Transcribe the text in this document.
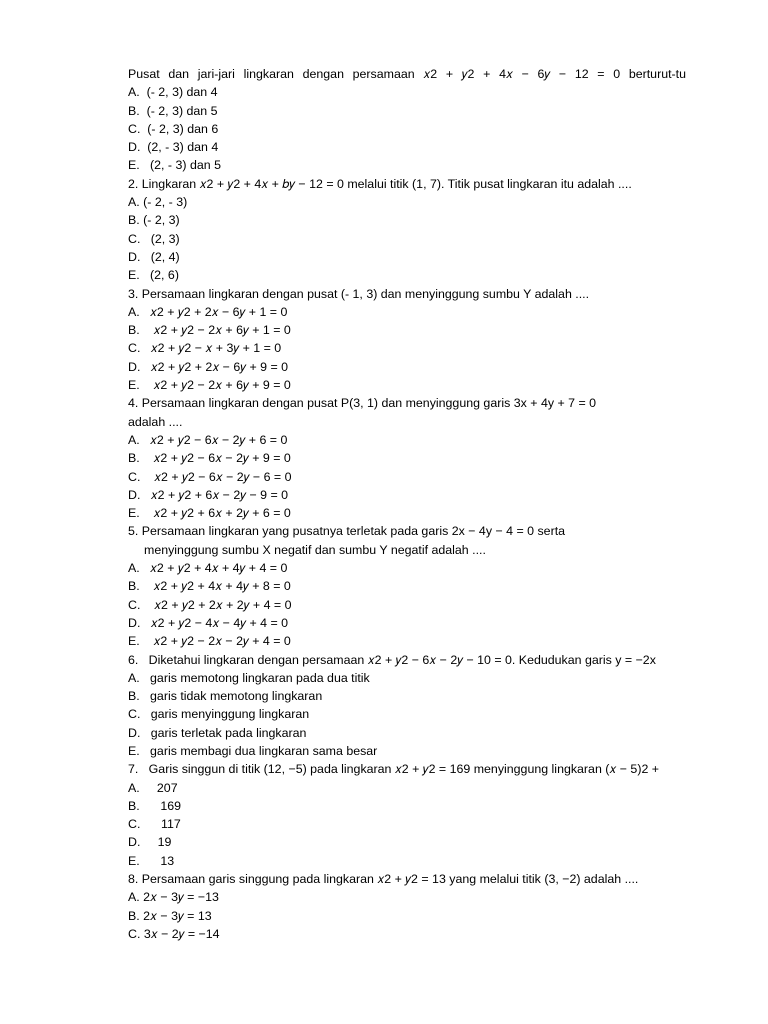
Pusat dan jari-jari lingkaran dengan persamaan 𝑥2 + 𝑦2 + 4𝑥 − 6𝑦 − 12 = 0 berturut-tu
A.  (- 2, 3) dan 4
B.  (- 2, 3) dan 5
C.  (- 2, 3) dan 6
D.  (2, - 3) dan 4
E.   (2, - 3) dan 5
2. Lingkaran 𝑥2 + 𝑦2 + 4𝑥 + 𝑏𝑦 − 12 = 0 melalui titik (1, 7). Titik pusat lingkaran itu adalah ....
A. (- 2, - 3)
B. (- 2, 3)
C.   (2, 3)
D.   (2, 4)
E.   (2, 6)
3. Persamaan lingkaran dengan pusat (- 1, 3) dan menyinggung sumbu Y adalah ....
A.   𝑥2 + 𝑦2 + 2𝑥 − 6𝑦 + 1 = 0
B.    𝑥2 + 𝑦2 − 2𝑥 + 6𝑦 + 1 = 0
C.   𝑥2 + 𝑦2 − 𝑥 + 3𝑦 + 1 = 0
D.   𝑥2 + 𝑦2 + 2𝑥 − 6𝑦 + 9 = 0
E.    𝑥2 + 𝑦2 − 2𝑥 + 6𝑦 + 9 = 0
4. Persamaan lingkaran dengan pusat P(3, 1) dan menyinggung garis 3x + 4y + 7 = 0
adalah ....
A.   𝑥2 + 𝑦2 − 6𝑥 − 2𝑦 + 6 = 0
B.    𝑥2 + 𝑦2 − 6𝑥 − 2𝑦 + 9 = 0
C.    𝑥2 + 𝑦2 − 6𝑥 − 2𝑦 − 6 = 0
D.   𝑥2 + 𝑦2 + 6𝑥 − 2𝑦 − 9 = 0
E.    𝑥2 + 𝑦2 + 6𝑥 + 2𝑦 + 6 = 0
5. Persamaan lingkaran yang pusatnya terletak pada garis 2x − 4y − 4 = 0 serta
menyinggung sumbu X negatif dan sumbu Y negatif adalah ....
A.   𝑥2 + 𝑦2 + 4𝑥 + 4𝑦 + 4 = 0
B.    𝑥2 + 𝑦2 + 4𝑥 + 4𝑦 + 8 = 0
C.    𝑥2 + 𝑦2 + 2𝑥 + 2𝑦 + 4 = 0
D.   𝑥2 + 𝑦2 − 4𝑥 − 4𝑦 + 4 = 0
E.    𝑥2 + 𝑦2 − 2𝑥 − 2𝑦 + 4 = 0
6.   Diketahui lingkaran dengan persamaan 𝑥2 + 𝑦2 − 6𝑥 − 2𝑦 − 10 = 0. Kedudukan garis y = −2x
A.   garis memotong lingkaran pada dua titik
B.   garis tidak memotong lingkaran
C.   garis menyinggung lingkaran
D.   garis terletak pada lingkaran
E.   garis membagi dua lingkaran sama besar
7.   Garis singgun di titik (12, −5) pada lingkaran 𝑥2 + 𝑦2 = 169 menyinggung lingkaran (𝑥 − 5)2 +
A.     207
B.      169
C.      117
D.     19
E.      13
8. Persamaan garis singgung pada lingkaran 𝑥2 + 𝑦2 = 13 yang melalui titik (3, −2) adalah ....
A. 2𝑥 − 3𝑦 = −13
B. 2𝑥 − 3𝑦 = 13
C. 3𝑥 − 2𝑦 = −14
